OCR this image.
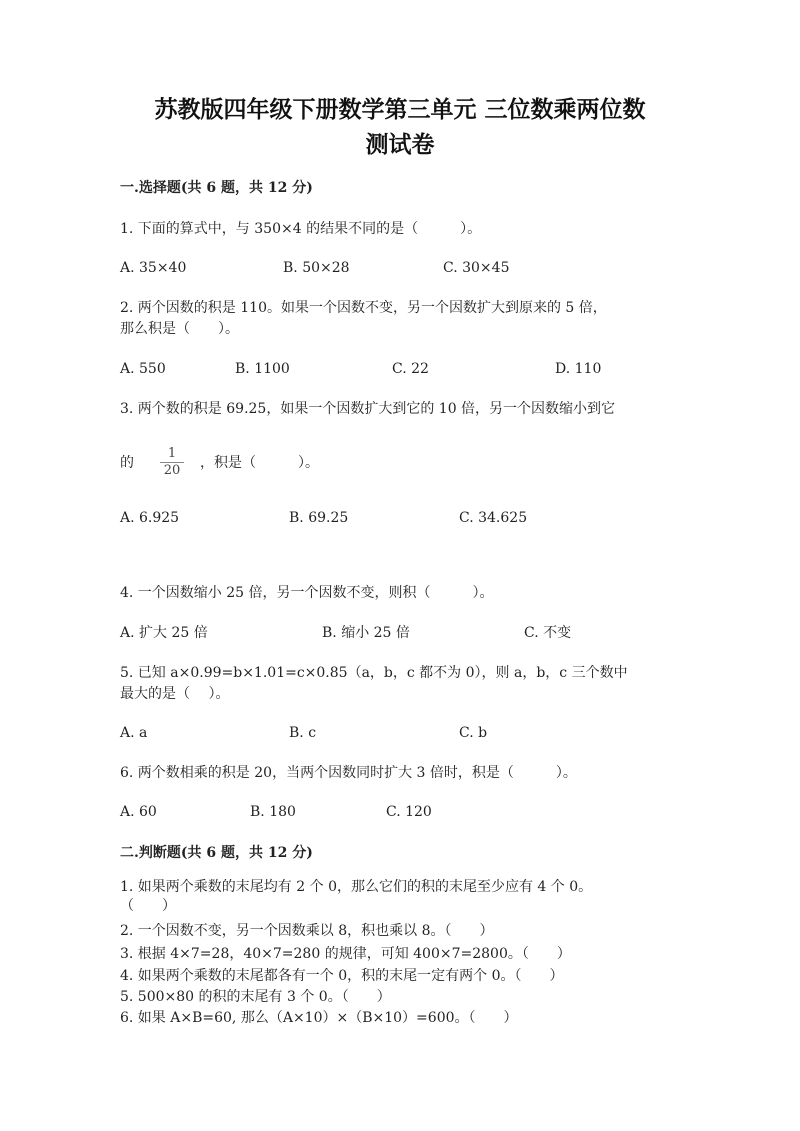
苏教版四年级下册数学第三单元 三位数乘两位数
测试卷
一.选择题(共 6 题，共 12 分)
1. 下面的算式中，与 350×4 的结果不同的是（　　　）。
A. 35×40	B. 50×28	C. 30×45
2. 两个因数的积是 110。如果一个因数不变，另一个因数扩大到原来的 5 倍，
那么积是（　　）。
A. 550	B. 1100	C. 22	D. 110
3. 两个数的积是 69.25，如果一个因数扩大到它的 10 倍，另一个因数缩小到它
的 $\frac{1}{20}$ ，积是（　　　）。
A. 6.925	B. 69.25	C. 34.625
4. 一个因数缩小 25 倍，另一个因数不变，则积（　　　）。
A. 扩大 25 倍	B. 缩小 25 倍	C. 不变
5. 已知 a×0.99=b×1.01=c×0.85（a，b，c 都不为 0），则 a，b，c 三个数中
最大的是（　 ）。
A. a	B. c	C. b
6. 两个数相乘的积是 20，当两个因数同时扩大 3 倍时，积是（　　　）。
A. 60	B. 180	C. 120
二.判断题(共 6 题，共 12 分)
1. 如果两个乘数的末尾均有 2 个 0，那么它们的积的末尾至少应有 4 个 0。
（　　）
2. 一个因数不变，另一个因数乘以 8，积也乘以 8。（　　）
3. 根据 4×7=28，40×7=280 的规律，可知 400×7=2800。（　　）
4. 如果两个乘数的末尾都各有一个 0，积的末尾一定有两个 0。（　　）
5. 500×80 的积的末尾有 3 个 0。（　　）
6. 如果 A×B=60, 那么（A×10）×（B×10）=600。（　　）
